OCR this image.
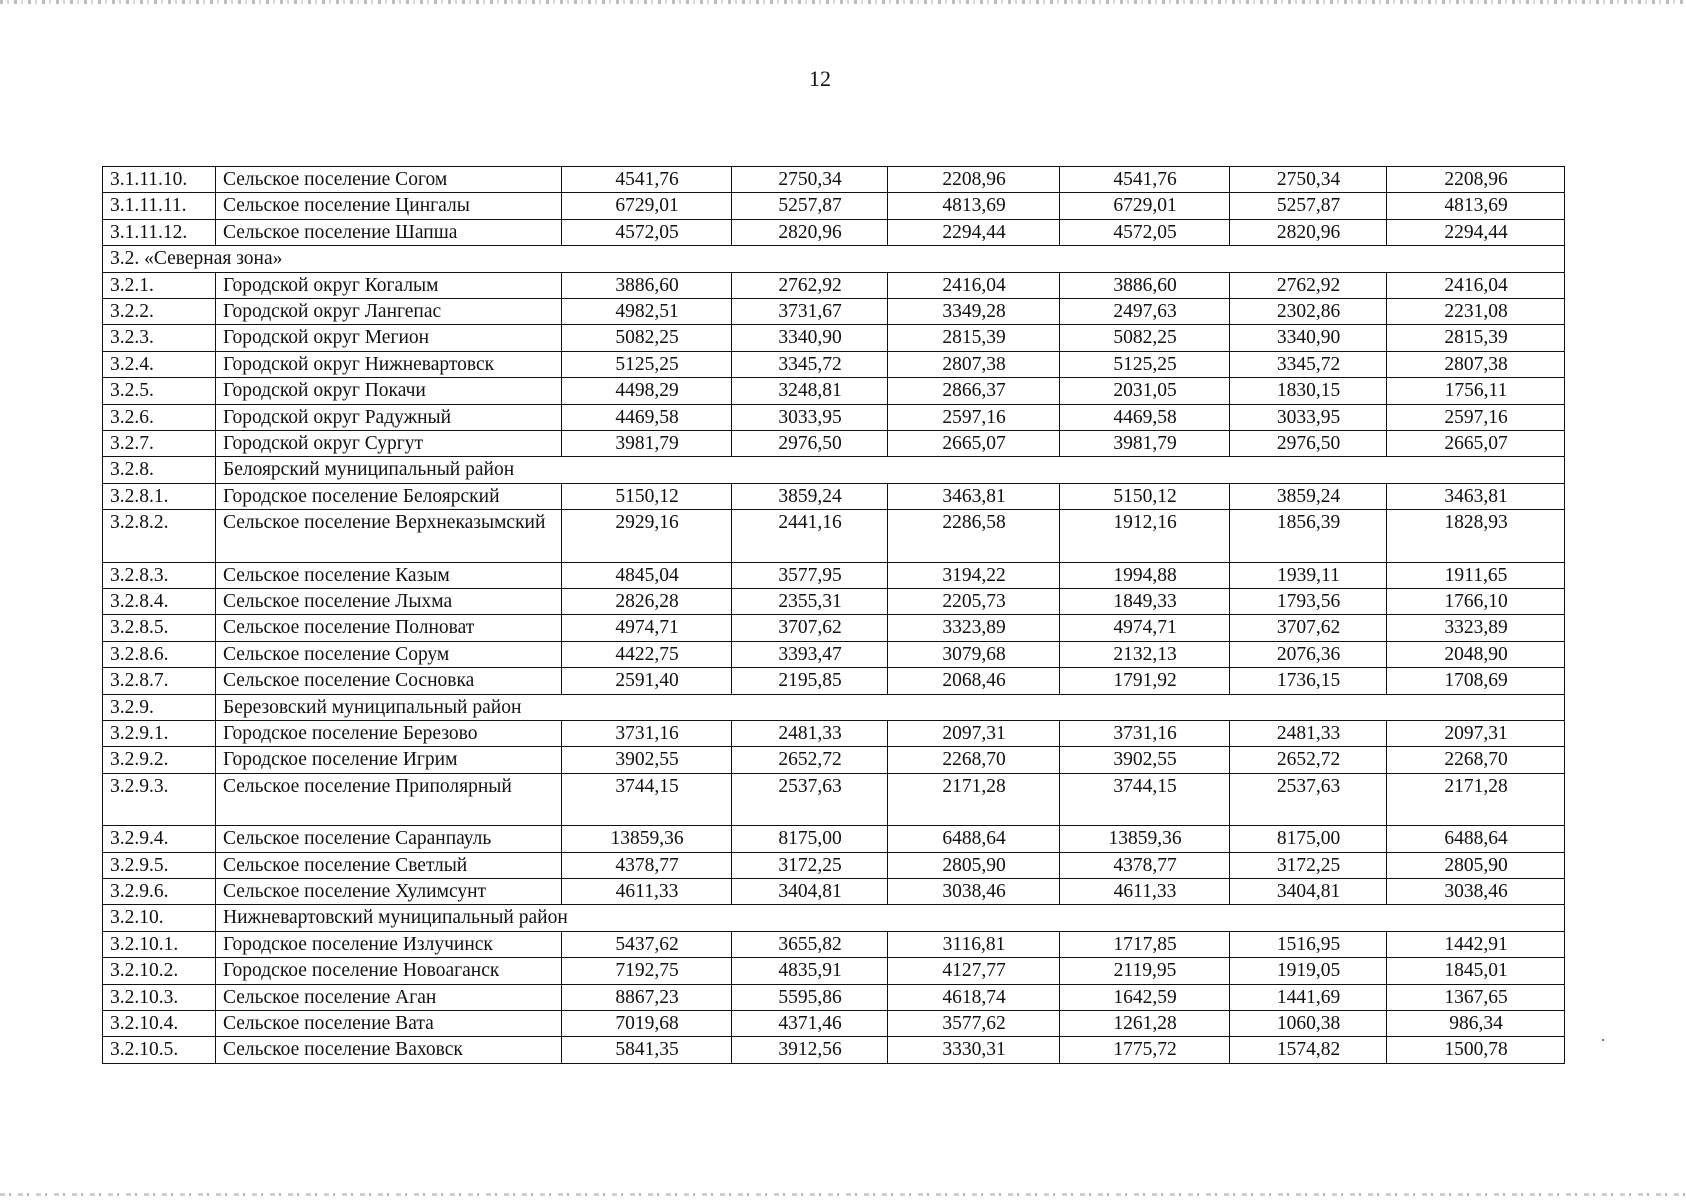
12
3.1.11.10.	Сельское поселение Согом	4541,76	2750,34	2208,96	4541,76	2750,34	2208,96
3.1.11.11.	Сельское поселение Цингалы	6729,01	5257,87	4813,69	6729,01	5257,87	4813,69
3.1.11.12.	Сельское поселение Шапша	4572,05	2820,96	2294,44	4572,05	2820,96	2294,44
3.2. «Северная зона»							
3.2.1.	Городской округ Когалым	3886,60	2762,92	2416,04	3886,60	2762,92	2416,04
3.2.2.	Городской округ Лангепас	4982,51	3731,67	3349,28	2497,63	2302,86	2231,08
3.2.3.	Городской округ Мегион	5082,25	3340,90	2815,39	5082,25	3340,90	2815,39
3.2.4.	Городской округ Нижневартовск	5125,25	3345,72	2807,38	5125,25	3345,72	2807,38
3.2.5.	Городской округ Покачи	4498,29	3248,81	2866,37	2031,05	1830,15	1756,11
3.2.6.	Городской округ Радужный	4469,58	3033,95	2597,16	4469,58	3033,95	2597,16
3.2.7.	Городской округ Сургут	3981,79	2976,50	2665,07	3981,79	2976,50	2665,07
3.2.8.	Белоярский муниципальный район						
3.2.8.1.	Городское поселение Белоярский	5150,12	3859,24	3463,81	5150,12	3859,24	3463,81
3.2.8.2.	Сельское поселение Верхнеказымский	2929,16	2441,16	2286,58	1912,16	1856,39	1828,93
3.2.8.3.	Сельское поселение Казым	4845,04	3577,95	3194,22	1994,88	1939,11	1911,65
3.2.8.4.	Сельское поселение Лыхма	2826,28	2355,31	2205,73	1849,33	1793,56	1766,10
3.2.8.5.	Сельское поселение Полноват	4974,71	3707,62	3323,89	4974,71	3707,62	3323,89
3.2.8.6.	Сельское поселение Сорум	4422,75	3393,47	3079,68	2132,13	2076,36	2048,90
3.2.8.7.	Сельское поселение Сосновка	2591,40	2195,85	2068,46	1791,92	1736,15	1708,69
3.2.9.	Березовский муниципальный район						
3.2.9.1.	Городское поселение Березово	3731,16	2481,33	2097,31	3731,16	2481,33	2097,31
3.2.9.2.	Городское поселение Игрим	3902,55	2652,72	2268,70	3902,55	2652,72	2268,70
3.2.9.3.	Сельское поселение Приполярный	3744,15	2537,63	2171,28	3744,15	2537,63	2171,28
3.2.9.4.	Сельское поселение Саранпауль	13859,36	8175,00	6488,64	13859,36	8175,00	6488,64
3.2.9.5.	Сельское поселение Светлый	4378,77	3172,25	2805,90	4378,77	3172,25	2805,90
3.2.9.6.	Сельское поселение Хулимсунт	4611,33	3404,81	3038,46	4611,33	3404,81	3038,46
3.2.10.	Нижневартовский муниципальный район						
3.2.10.1.	Городское поселение Излучинск	5437,62	3655,82	3116,81	1717,85	1516,95	1442,91
3.2.10.2.	Городское поселение Новоаганск	7192,75	4835,91	4127,77	2119,95	1919,05	1845,01
3.2.10.3.	Сельское поселение Аган	8867,23	5595,86	4618,74	1642,59	1441,69	1367,65
3.2.10.4.	Сельское поселение Вата	7019,68	4371,46	3577,62	1261,28	1060,38	986,34
3.2.10.5.	Сельское поселение Ваховск	5841,35	3912,56	3330,31	1775,72	1574,82	1500,78
